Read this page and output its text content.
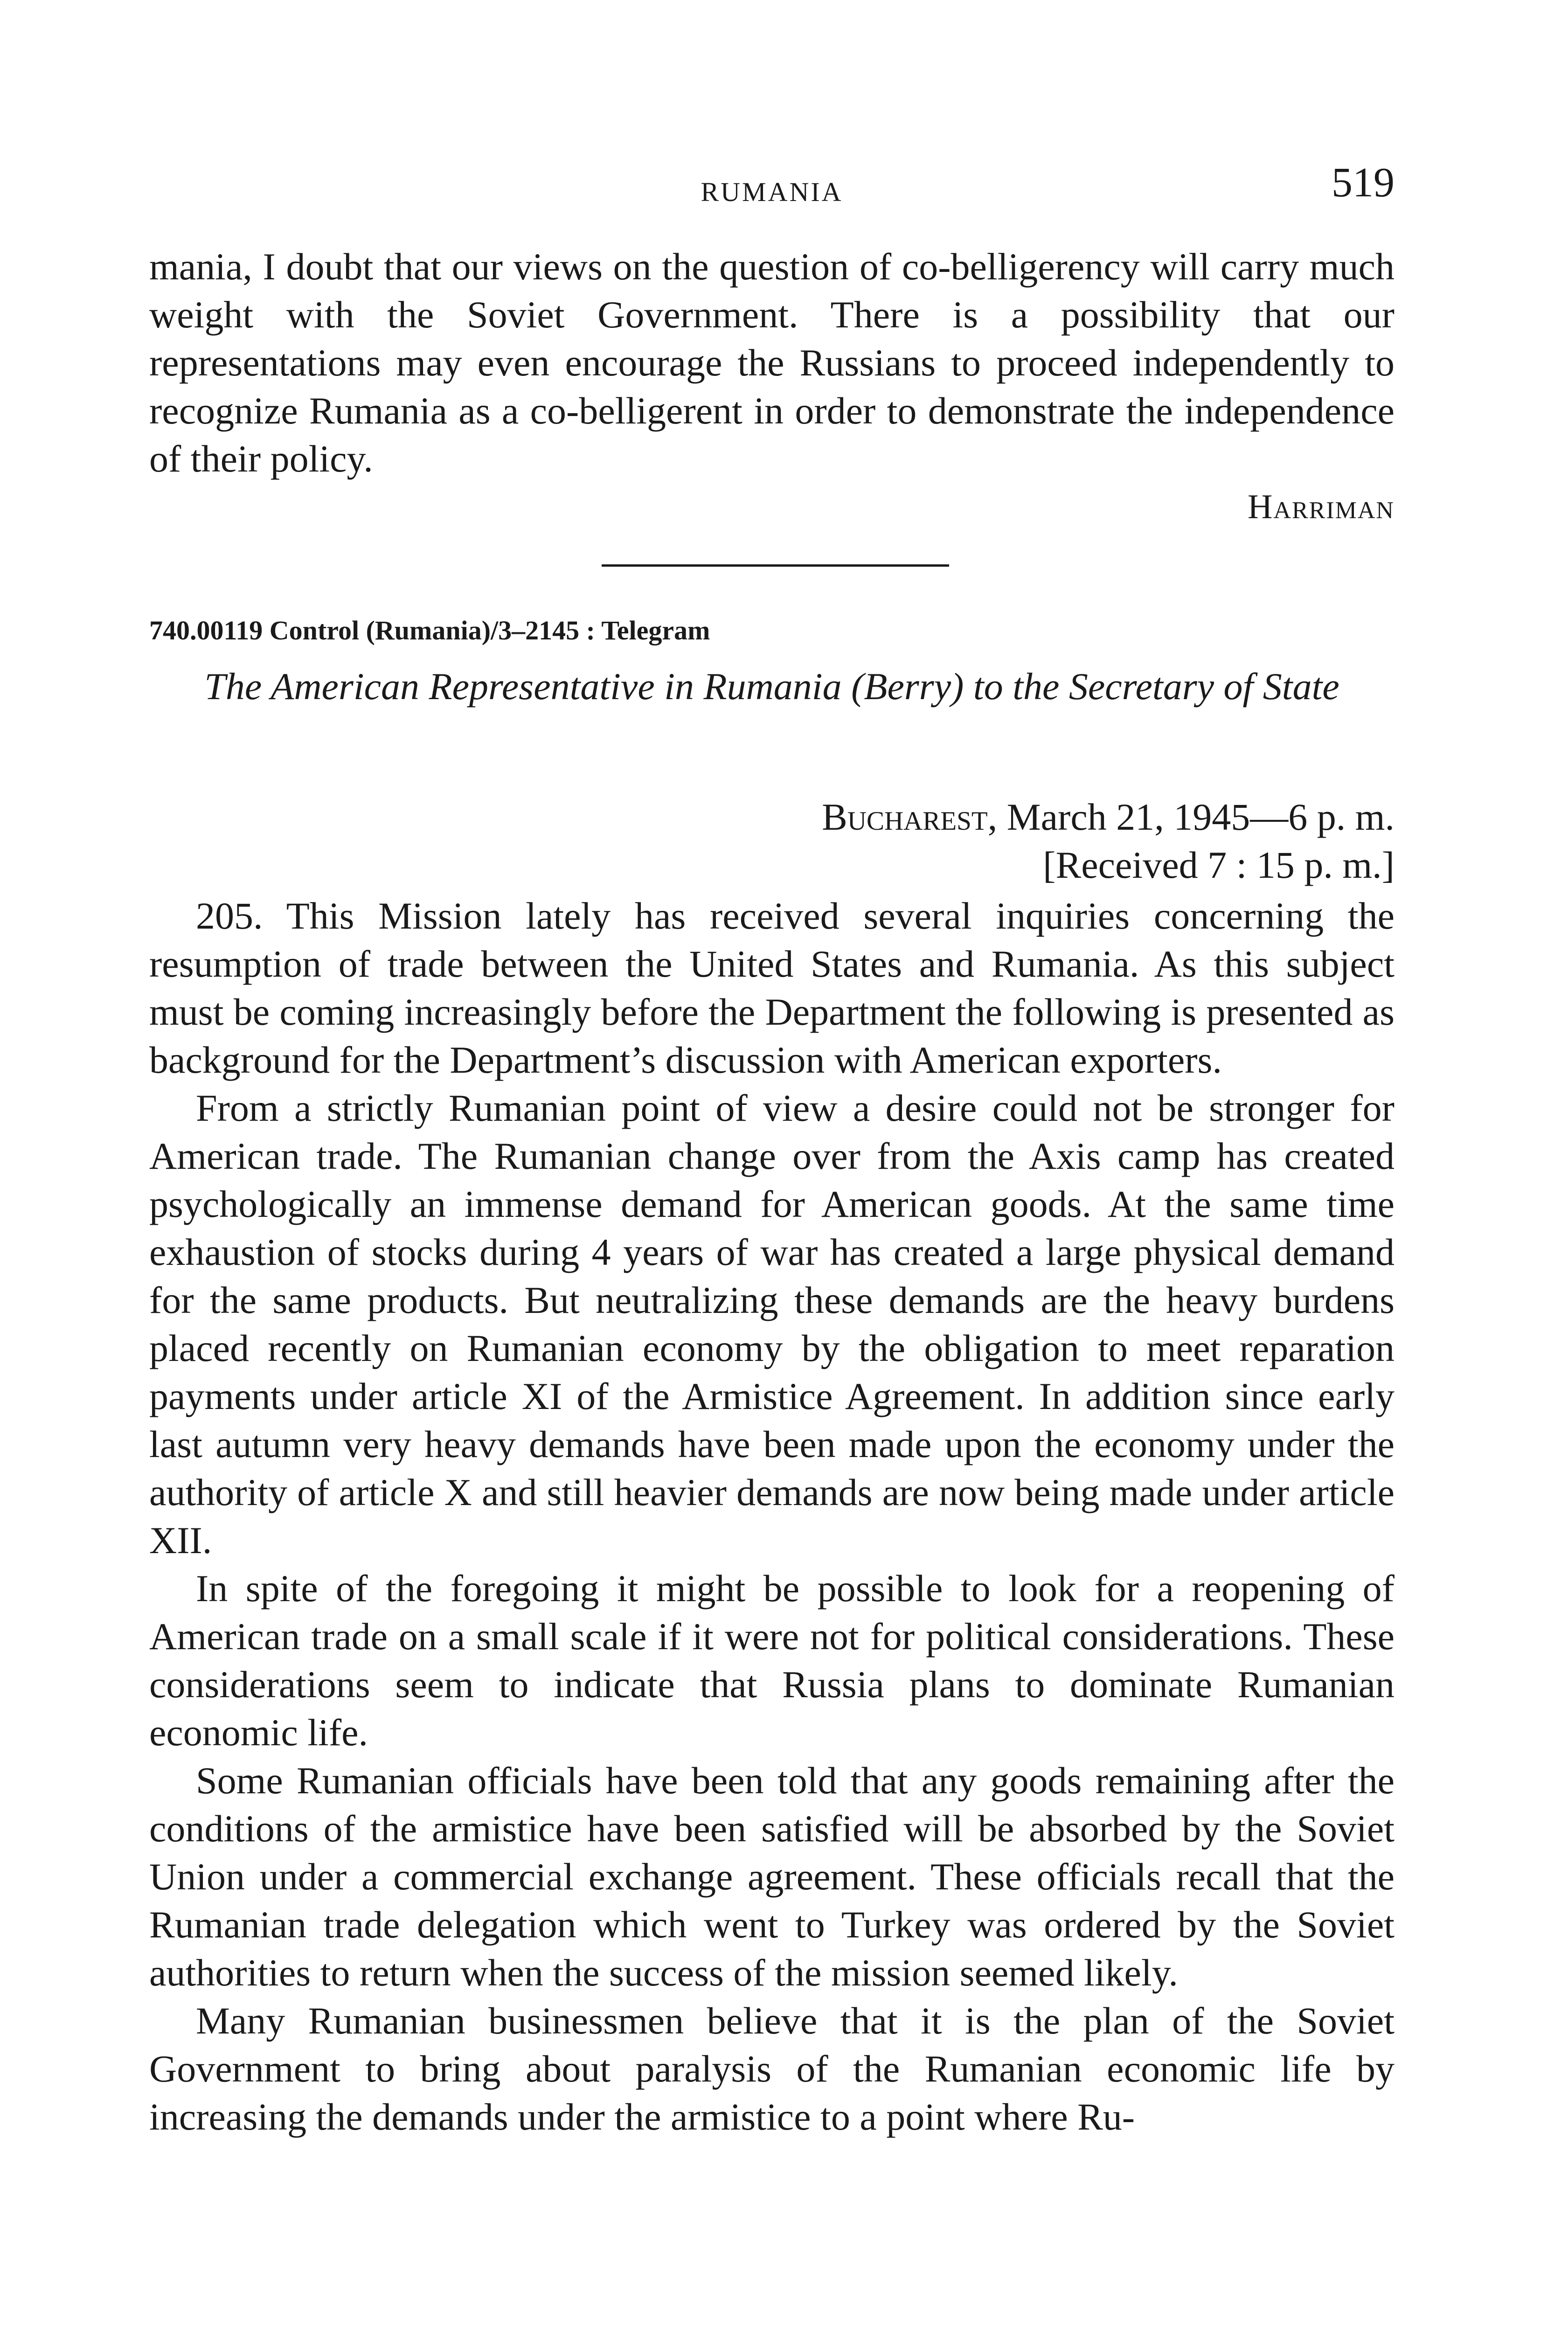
RUMANIA	519

mania, I doubt that our views on the question of co-belligerency will carry much weight with the Soviet Government. There is a possibility that our representations may even encourage the Russians to proceed independently to recognize Rumania as a co-belligerent in order to demonstrate the independence of their policy.

Harriman
740.00119 Control (Rumania)/3–2145 : Telegram
The American Representative in Rumania (Berry) to the Secretary of State
Bucharest, March 21, 1945—6 p. m.
[Received 7 : 15 p. m.]

205. This Mission lately has received several inquiries concerning the resumption of trade between the United States and Rumania. As this subject must be coming increasingly before the Department the following is presented as background for the Department’s discussion with American exporters.

From a strictly Rumanian point of view a desire could not be stronger for American trade. The Rumanian change over from the Axis camp has created psychologically an immense demand for American goods. At the same time exhaustion of stocks during 4 years of war has created a large physical demand for the same products. But neutralizing these demands are the heavy burdens placed recently on Rumanian economy by the obligation to meet reparation payments under article XI of the Armistice Agreement. In addition since early last autumn very heavy demands have been made upon the economy under the authority of article X and still heavier demands are now being made under article XII.

In spite of the foregoing it might be possible to look for a reopening of American trade on a small scale if it were not for political considerations. These considerations seem to indicate that Russia plans to dominate Rumanian economic life.

Some Rumanian officials have been told that any goods remaining after the conditions of the armistice have been satisfied will be absorbed by the Soviet Union under a commercial exchange agreement. These officials recall that the Rumanian trade delegation which went to Turkey was ordered by the Soviet authorities to return when the success of the mission seemed likely.

Many Rumanian businessmen believe that it is the plan of the Soviet Government to bring about paralysis of the Rumanian economic life by increasing the demands under the armistice to a point where Ru-
